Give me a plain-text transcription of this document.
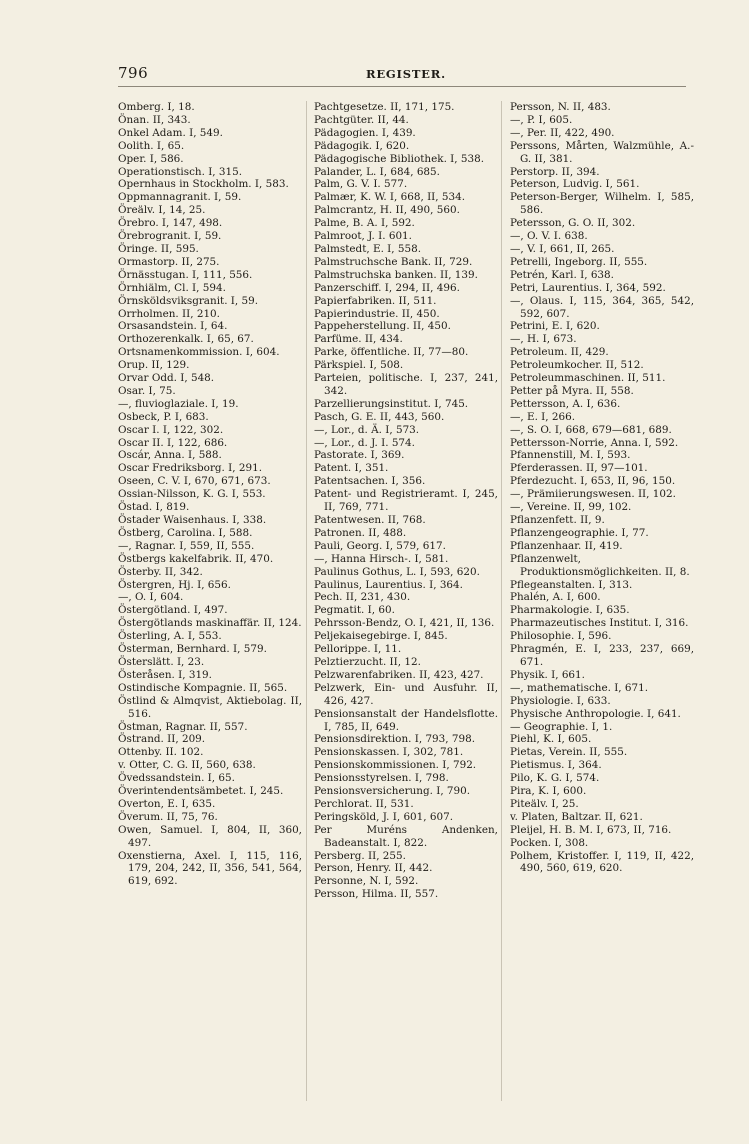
796	REGISTER.
Omberg. I, 18.
Önan. II, 343.
Onkel Adam. I, 549.
Oolith. I, 65.
Oper. I, 586.
Operationstisch. I, 315.
Opernhaus in Stockholm. I, 583.
Oppmannagranit. I, 59.
Öreälv. I, 14, 25.
Örebro. I, 147, 498.
Örebrogranit. I, 59.
Öringe. II, 595.
Ormastorp. II, 275.
Örnässtugan. I, 111, 556.
Örnhiälm, Cl. I, 594.
Örnsköldsviksgranit. I, 59.
Orrholmen. II, 210.
Orsasandstein. I, 64.
Orthozerenkalk. I, 65, 67.
Ortsnamenkommission. I, 604.
Orup. II, 129.
Orvar Odd. I, 548.
Osar. I, 75.
—, fluvioglaziale. I, 19.
Osbeck, P. I, 683.
Oscar I. I, 122, 302.
Oscar II. I, 122, 686.
Oscár, Anna. I, 588.
Oscar Fredriksborg. I, 291.
Oseen, C. V. I, 670, 671, 673.
Ossian-Nilsson, K. G. I, 553.
Östad. I, 819.
Östader Waisenhaus. I, 338.
Östberg, Carolina. I, 588.
—, Ragnar. I, 559, II, 555.
Östbergs kakelfabrik. II, 470.
Österby. II, 342.
Östergren, Hj. I, 656.
—, O. I, 604.
Östergötland. I, 497.
Östergötlands maskinaffär. II, 124.
Österling, A. I, 553.
Österman, Bernhard. I, 579.
Österslätt. I, 23.
Österåsen. I, 319.
Ostindische Kompagnie. II, 565.
Östlind & Almqvist, Aktiebolag. II, 516.
Östman, Ragnar. II, 557.
Östrand. II, 209.
Ottenby. II. 102.
v. Otter, C. G. II, 560, 638.
Övedssandstein. I, 65.
Överintendentsämbetet. I, 245.
Overton, E. I, 635.
Överum. II, 75, 76.
Owen, Samuel. I, 804, II, 360, 497.
Oxenstierna, Axel. I, 115, 116, 179, 204, 242, II, 356, 541, 564, 619, 692.
Pachtgesetze. II, 171, 175.
Pachtgüter. II, 44.
Pädagogien. I, 439.
Pädagogik. I, 620.
Pädagogische Bibliothek. I, 538.
Palander, L. I, 684, 685.
Palm, G. V. I. 577.
Palmær, K. W. I, 668, II, 534.
Palmcrantz, H. II, 490, 560.
Palme, B. A. I, 592.
Palmroot, J. I. 601.
Palmstedt, E. I, 558.
Palmstruchsche Bank. II, 729.
Palmstruchska banken. II, 139.
Panzerschiff. I, 294, II, 496.
Papierfabriken. II, 511.
Papierindustrie. II, 450.
Pappeherstellung. II, 450.
Parfüme. II, 434.
Parke, öffentliche. II, 77—80.
Pärkspiel. I, 508.
Parteien, politische. I, 237, 241, 342.
Parzellierungsinstitut. I, 745.
Pasch, G. E. II, 443, 560.
—, Lor., d. Ä. I, 573.
—, Lor., d. J. I. 574.
Pastorate. I, 369.
Patent. I, 351.
Patentsachen. I, 356.
Patent- und Registrieramt. I, 245, II, 769, 771.
Patentwesen. II, 768.
Patronen. II, 488.
Pauli, Georg. I, 579, 617.
—, Hanna Hirsch-. I, 581.
Paulinus Gothus, L. I, 593, 620.
Paulinus, Laurentius. I, 364.
Pech. II, 231, 430.
Pegmatit. I, 60.
Pehrsson-Bendz, O. I, 421, II, 136.
Peljekaisegebirge. I, 845.
Pellorippe. I, 11.
Pelztierzucht. II, 12.
Pelzwarenfabriken. II, 423, 427.
Pelzwerk, Ein- und Ausfuhr. II, 426, 427.
Pensionsanstalt der Handelsflotte. I, 785, II, 649.
Pensionsdirektion. I, 793, 798.
Pensionskassen. I, 302, 781.
Pensionskommissionen. I, 792.
Pensionsstyrelsen. I, 798.
Pensionsversicherung. I, 790.
Perchlorat. II, 531.
Peringsköld, J. I, 601, 607.
Per Muréns Andenken, Badeanstalt. I, 822.
Persberg. II, 255.
Person, Henry. II, 442.
Personne, N. I, 592.
Persson, Hilma. II, 557.
Persson, N. II, 483.
—, P. I, 605.
—, Per. II, 422, 490.
Perssons, Mårten, Walzmühle, A.-G. II, 381.
Perstorp. II, 394.
Peterson, Ludvig. I, 561.
Peterson-Berger, Wilhelm. I, 585, 586.
Petersson, G. O. II, 302.
—, O. V. I. 638.
—, V. I, 661, II, 265.
Petrelli, Ingeborg. II, 555.
Petrén, Karl. I, 638.
Petri, Laurentius. I, 364, 592.
—, Olaus. I, 115, 364, 365, 542, 592, 607.
Petrini, E. I, 620.
—, H. I, 673.
Petroleum. II, 429.
Petroleumkocher. II, 512.
Petroleummaschinen. II, 511.
Petter på Myra. II, 558.
Pettersson, A. I, 636.
—, E. I, 266.
—, S. O. I, 668, 679—681, 689.
Pettersson-Norrie, Anna. I, 592.
Pfannenstill, M. I, 593.
Pferderassen. II, 97—101.
Pferdezucht. I, 653, II, 96, 150.
—, Prämiierungswesen. II, 102.
—, Vereine. II, 99, 102.
Pflanzenfett. II, 9.
Pflanzengeographie. I, 77.
Pflanzenhaar. II, 419.
Pflanzenwelt, Produktionsmöglichkeiten. II, 8.
Pflegeanstalten. I, 313.
Phalén, A. I, 600.
Pharmakologie. I, 635.
Pharmazeutisches Institut. I, 316.
Philosophie. I, 596.
Phragmén, E. I, 233, 237, 669, 671.
Physik. I, 661.
—, mathematische. I, 671.
Physiologie. I, 633.
Physische Anthropologie. I, 641.
— Geographie. I, 1.
Piehl, K. I, 605.
Pietas, Verein. II, 555.
Pietismus. I, 364.
Pilo, K. G. I, 574.
Pira, K. I, 600.
Piteälv. I, 25.
v. Platen, Baltzar. II, 621.
Pleijel, H. B. M. I, 673, II, 716.
Pocken. I, 308.
Polhem, Kristoffer. I, 119, II, 422, 490, 560, 619, 620.
